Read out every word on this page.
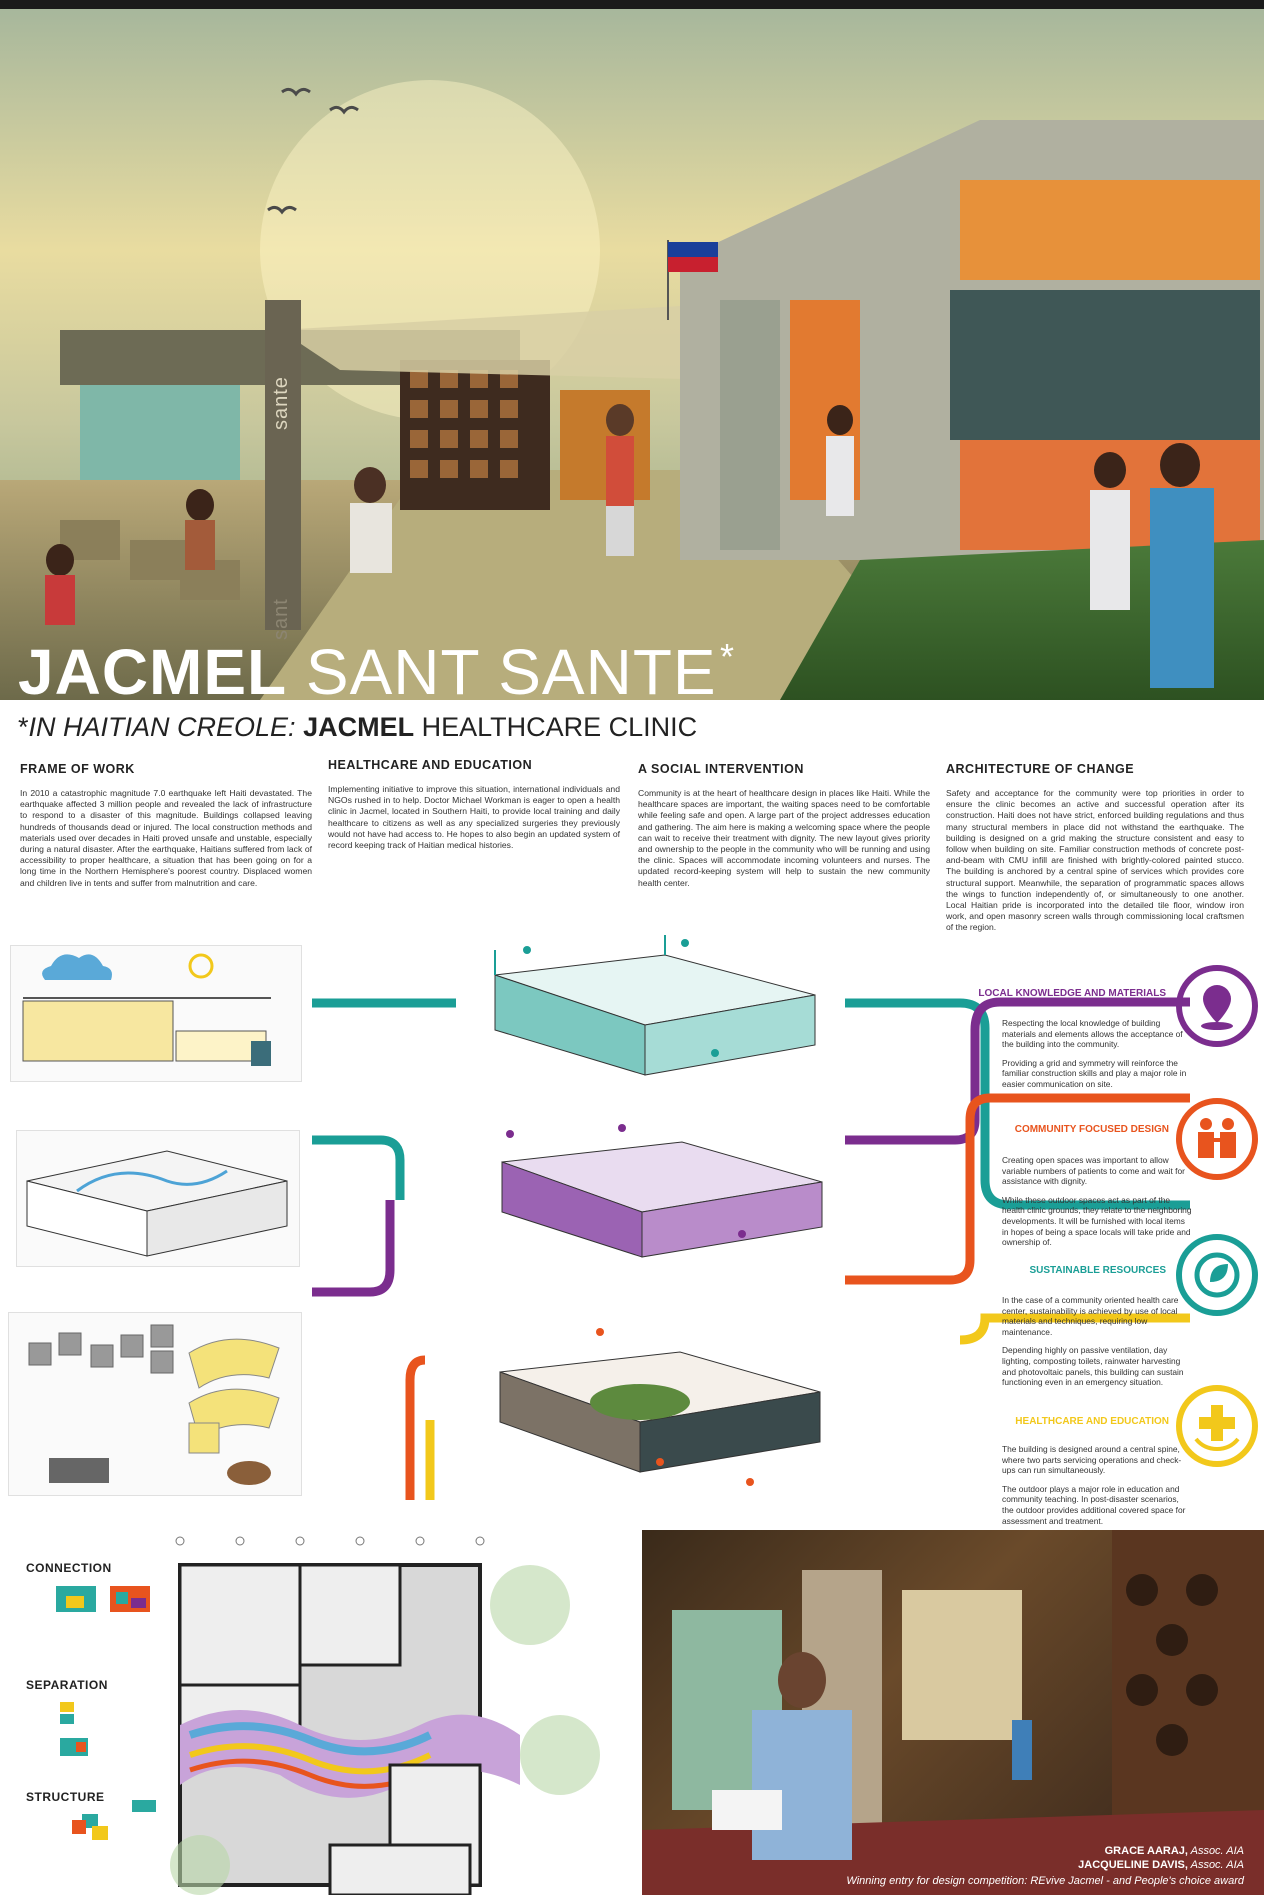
sante
sant
JACMEL SANT SANTE *
*IN HAITIAN CREOLE: JACMEL HEALTHCARE CLINIC
FRAME OF WORK

In 2010 a catastrophic magnitude 7.0 earthquake left Haiti devastated. The earthquake affected 3 million people and revealed the lack of infrastructure to respond to a disaster of this magnitude. Buildings collapsed leaving hundreds of thousands dead or injured. The local construction methods and materials used over decades in Haiti proved unsafe and unstable, especially during a natural disaster. After the earthquake, Haitians suffered from lack of accessibility to proper healthcare, a situation that has been going on for a long time in the Northern Hemisphere's poorest country. Displaced women and children live in tents and suffer from malnutrition and care.

HEALTHCARE AND EDUCATION

Implementing initiative to improve this situation, international individuals and NGOs rushed in to help. Doctor Michael Workman is eager to open a health clinic in Jacmel, located in Southern Haiti, to provide local training and daily healthcare to citizens as well as any specialized surgeries they previously would not have had access to. He hopes to also begin an updated system of record keeping track of Haitian medical histories.

A SOCIAL INTERVENTION

Community is at the heart of healthcare design in places like Haiti. While the healthcare spaces are important, the waiting spaces need to be comfortable while feeling safe and open. A large part of the project addresses education and gathering. The aim here is making a welcoming space where the people can wait to receive their treatment with dignity. The new layout gives priority and ownership to the people in the community who will be running and using the clinic. Spaces will accommodate incoming volunteers and nurses. The updated record-keeping system will help to sustain the new community health center.

ARCHITECTURE OF CHANGE

Safety and acceptance for the community were top priorities in order to ensure the clinic becomes an active and successful operation after its construction. Haiti does not have strict, enforced building regulations and thus many structural members in place did not withstand the earthquake. The building is designed on a grid making the structure consistent and easy to follow when building on site. Familiar construction methods of concrete post-and-beam with CMU infill are finished with brightly-colored painted stucco. The building is anchored by a central spine of services which provides core structural support. Meanwhile, the separation of programmatic spaces allows the wings to function independently of, or simultaneously to one another. Local Haitian pride is incorporated into the detailed tile floor, window iron work, and open masonry screen walls through commissioning local craftsmen of the region.

LOCAL KNOWLEDGE AND MATERIALS

Respecting the local knowledge of building materials and elements allows the acceptance of the building into the community.

Providing a grid and symmetry will reinforce the familiar construction skills and play a major role in easier communication on site.

COMMUNITY FOCUSED DESIGN

Creating open spaces was important to allow variable numbers of patients to come and wait for assistance with dignity.

While these outdoor spaces act as part of the health clinic grounds, they relate to the neighboring developments. It will be furnished with local items in hopes of being a space locals will take pride and ownership of.

SUSTAINABLE RESOURCES

In the case of a community oriented health care center, sustainability is achieved by use of local materials and techniques, requiring low maintenance.

Depending highly on passive ventilation, day lighting, composting toilets, rainwater harvesting and photovoltaic panels, this building can sustain functioning even in an emergency situation.

HEALTHCARE AND EDUCATION

The building is designed around a central spine, where two parts servicing operations and check-ups can run simultaneously.

The outdoor plays a major role in education and community teaching. In post-disaster scenarios, the outdoor provides additional covered space for assessment and treatment.

CONNECTION
SEPARATION
STRUCTURE
GRACE AARAJ, Assoc. AIA
JACQUELINE DAVIS, Assoc. AIA
Winning entry for design competition: REvive Jacmel - and People's choice award
